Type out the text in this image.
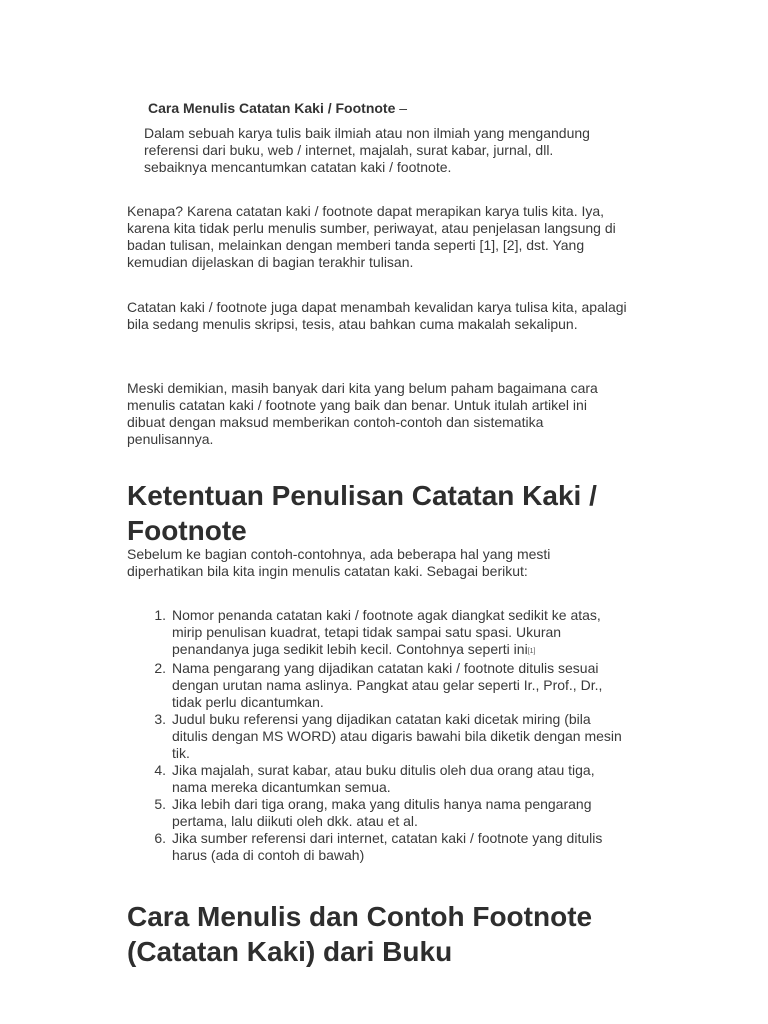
Cara Menulis Catatan Kaki / Footnote –
Dalam sebuah karya tulis baik ilmiah atau non ilmiah yang mengandung referensi dari buku, web / internet, majalah, surat kabar, jurnal, dll. sebaiknya mencantumkan catatan kaki / footnote.

Kenapa? Karena catatan kaki / footnote dapat merapikan karya tulis kita. Iya, karena kita tidak perlu menulis sumber, periwayat, atau penjelasan langsung di badan tulisan, melainkan dengan memberi tanda seperti [1], [2], dst. Yang kemudian dijelaskan di bagian terakhir tulisan.

Catatan kaki / footnote juga dapat menambah kevalidan karya tulisa kita, apalagi bila sedang menulis skripsi, tesis, atau bahkan cuma makalah sekalipun.

Meski demikian, masih banyak dari kita yang belum paham bagaimana cara menulis catatan kaki / footnote yang baik dan benar. Untuk itulah artikel ini dibuat dengan maksud memberikan contoh-contoh dan sistematika penulisannya.

Ketentuan Penulisan Catatan Kaki / Footnote

Sebelum ke bagian contoh-contohnya, ada beberapa hal yang mesti diperhatikan bila kita ingin menulis catatan kaki. Sebagai berikut:

1. Nomor penanda catatan kaki / footnote agak diangkat sedikit ke atas, mirip penulisan kuadrat, tetapi tidak sampai satu spasi. Ukuran penandanya juga sedikit lebih kecil. Contohnya seperti ini[1]
2. Nama pengarang yang dijadikan catatan kaki / footnote ditulis sesuai dengan urutan nama aslinya. Pangkat atau gelar seperti Ir., Prof., Dr., tidak perlu dicantumkan.
3. Judul buku referensi yang dijadikan catatan kaki dicetak miring (bila ditulis dengan MS WORD) atau digaris bawahi bila diketik dengan mesin tik.
4. Jika majalah, surat kabar, atau buku ditulis oleh dua orang atau tiga, nama mereka dicantumkan semua.
5. Jika lebih dari tiga orang, maka yang ditulis hanya nama pengarang pertama, lalu diikuti oleh dkk. atau et al.
6. Jika sumber referensi dari internet, catatan kaki / footnote yang ditulis harus (ada di contoh di bawah)
Cara Menulis dan Contoh Footnote (Catatan Kaki) dari Buku
